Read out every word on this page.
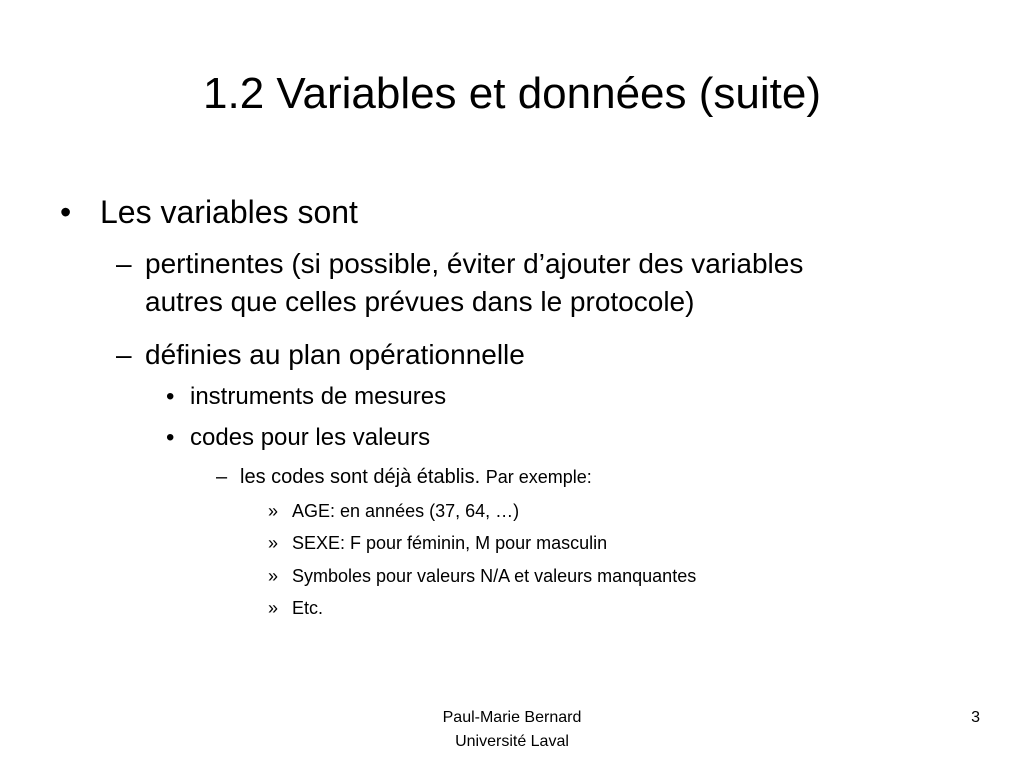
1.2 Variables et données (suite)
• Les variables sont
– pertinentes (si possible, éviter d’ajouter des variables
autres que celles prévues dans le protocole)
– définies au plan opérationnelle
• instruments de mesures
• codes pour les valeurs
– les codes sont déjà établis. Par exemple:
» AGE: en années (37, 64, …)
» SEXE: F pour féminin, M pour masculin
» Symboles pour valeurs N/A et valeurs manquantes
» Etc.
Paul-Marie Bernard
Université Laval
3
